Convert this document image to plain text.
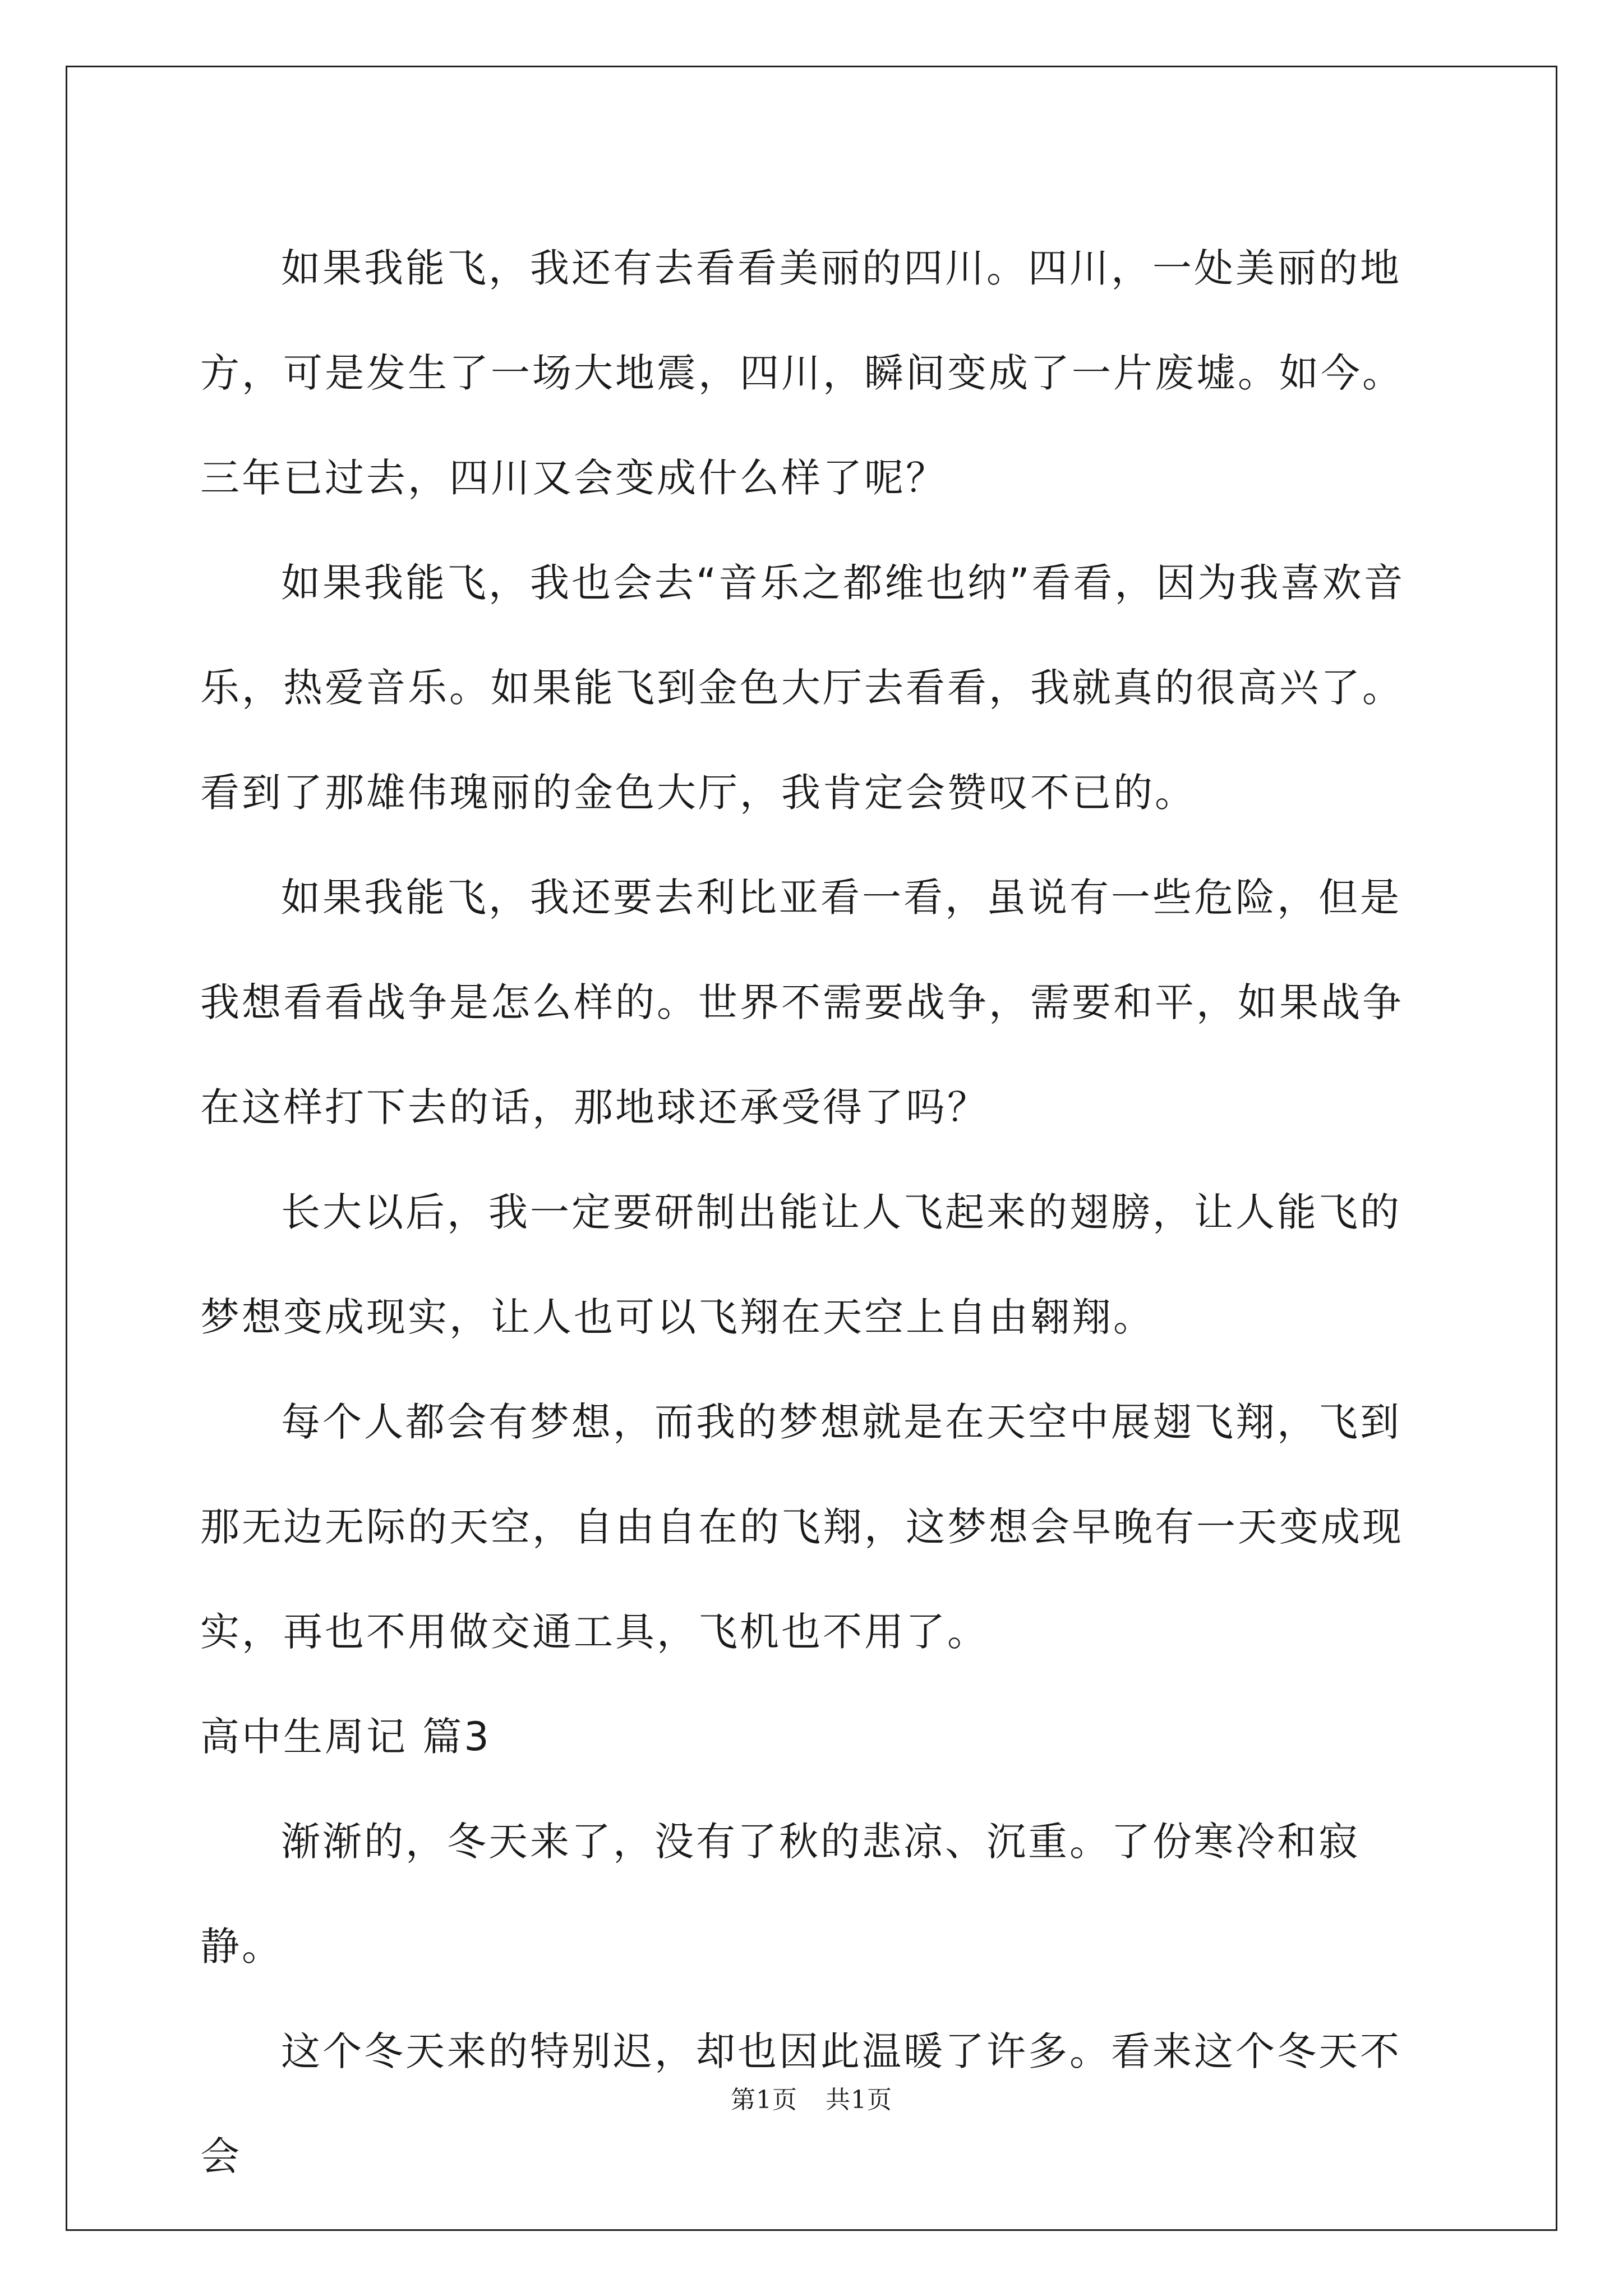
如果我能飞，我还有去看看美丽的四川。四川，一处美丽的地方，可是发生了一场大地震，四川，瞬间变成了一片废墟。如今。三年已过去，四川又会变成什么样了呢？

如果我能飞，我也会去“音乐之都维也纳”看看，因为我喜欢音乐，热爱音乐。如果能飞到金色大厅去看看，我就真的很高兴了。看到了那雄伟瑰丽的金色大厅，我肯定会赞叹不已的。

如果我能飞，我还要去利比亚看一看，虽说有一些危险，但是我想看看战争是怎么样的。世界不需要战争，需要和平，如果战争在这样打下去的话，那地球还承受得了吗？

长大以后，我一定要研制出能让人飞起来的翅膀，让人能飞的梦想变成现实，让人也可以飞翔在天空上自由翱翔。

每个人都会有梦想，而我的梦想就是在天空中展翅飞翔，飞到那无边无际的天空，自由自在的飞翔，这梦想会早晚有一天变成现实，再也不用做交通工具，飞机也不用了。

高中生周记 篇3

渐渐的，冬天来了，没有了秋的悲凉、沉重。了份寒冷和寂静。

这个冬天来的特别迟，却也因此温暖了许多。看来这个冬天不会

第1页 共1页
